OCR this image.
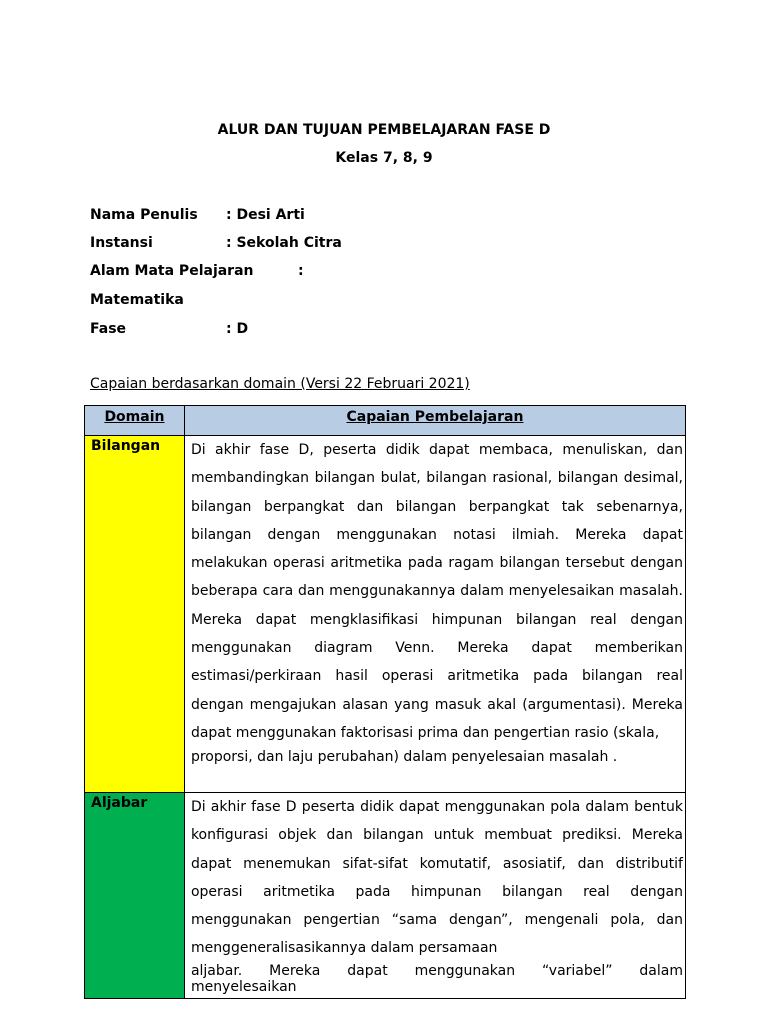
ALUR DAN TUJUAN PEMBELAJARAN FASE D
Kelas 7, 8, 9
Nama Penulis : Desi Arti
Instansi	: Sekolah Citra
Alam Mata Pelajaran	:
Matematika
Fase	: D
Capaian berdasarkan domain (Versi 22 Februari 2021)
Domain	Capaian Pembelajaran
Bilangan	Di akhir fase D, peserta didik dapat membaca, menuliskan, dan membandingkan bilangan bulat, bilangan rasional, bilangan desimal, bilangan berpangkat dan bilangan berpangkat tak sebenarnya, bilangan dengan menggunakan notasi ilmiah. Mereka dapat melakukan operasi aritmetika pada ragam bilangan tersebut dengan beberapa cara dan menggunakannya dalam menyelesaikan masalah. Mereka dapat mengklasifikasi himpunan bilangan real dengan menggunakan diagram Venn. Mereka dapat memberikan estimasi/perkiraan hasil operasi aritmetika pada bilangan real dengan mengajukan alasan yang masuk akal (argumentasi). Mereka dapat menggunakan faktorisasi prima dan pengertian rasio (skala,
proporsi, dan laju perubahan) dalam penyelesaian masalah .

Aljabar	Di akhir fase D peserta didik dapat menggunakan pola dalam bentuk konfigurasi objek dan bilangan untuk membuat prediksi. Mereka dapat menemukan sifat-sifat komutatif, asosiatif, dan distributif operasi aritmetika pada himpunan bilangan real dengan menggunakan pengertian “sama dengan”, mengenali pola, dan menggeneralisasikannya dalam persamaan
aljabar. Mereka dapat menggunakan “variabel” dalam
menyelesaikan
